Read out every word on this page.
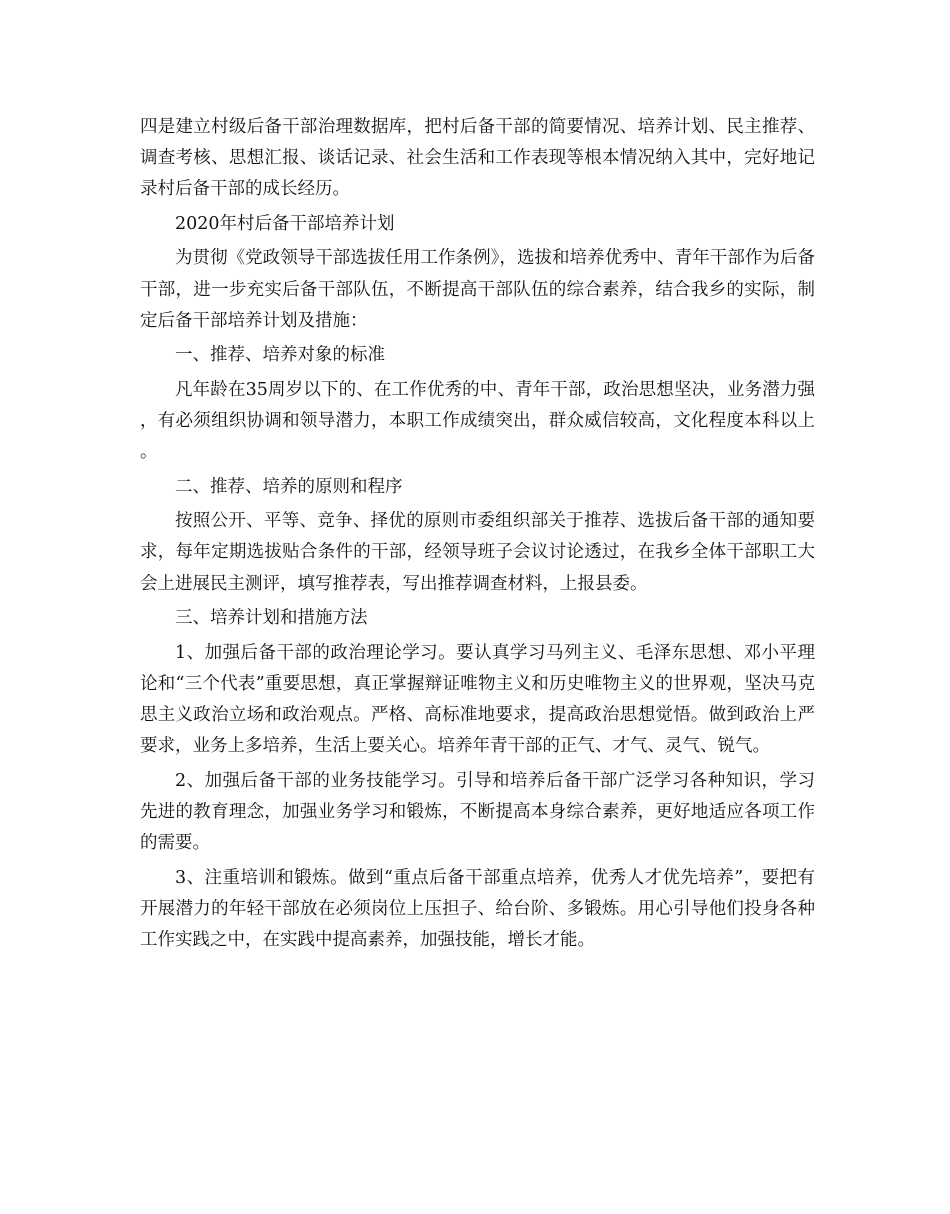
四是建立村级后备干部治理数据库，把村后备干部的简要情况、培养计划、民主推荐、调查考核、思想汇报、谈话记录、社会生活和工作表现等根本情况纳入其中，完好地记录村后备干部的成长经历。

2020年村后备干部培养计划

为贯彻《党政领导干部选拔任用工作条例》，选拔和培养优秀中、青年干部作为后备干部，进一步充实后备干部队伍，不断提高干部队伍的综合素养，结合我乡的实际，制定后备干部培养计划及措施：

一、推荐、培养对象的标准

凡年龄在35周岁以下的、在工作优秀的中、青年干部，政治思想坚决，业务潜力强，有必须组织协调和领导潜力，本职工作成绩突出，群众威信较高，文化程度本科以上。

二、推荐、培养的原则和程序

按照公开、平等、竞争、择优的原则市委组织部关于推荐、选拔后备干部的通知要求，每年定期选拔贴合条件的干部，经领导班子会议讨论透过，在我乡全体干部职工大会上进展民主测评，填写推荐表，写出推荐调查材料，上报县委。

三、培养计划和措施方法

1、加强后备干部的政治理论学习。要认真学习马列主义、毛泽东思想、邓小平理论和“三个代表”重要思想，真正掌握辩证唯物主义和历史唯物主义的世界观，坚决马克思主义政治立场和政治观点。严格、高标准地要求，提高政治思想觉悟。做到政治上严要求，业务上多培养，生活上要关心。培养年青干部的正气、才气、灵气、锐气。

2、加强后备干部的业务技能学习。引导和培养后备干部广泛学习各种知识，学习先进的教育理念，加强业务学习和锻炼，不断提高本身综合素养，更好地适应各项工作的需要。

3、注重培训和锻炼。做到“重点后备干部重点培养，优秀人才优先培养”，要把有开展潜力的年轻干部放在必须岗位上压担子、给台阶、多锻炼。用心引导他们投身各种工作实践之中，在实践中提高素养，加强技能，增长才能。
